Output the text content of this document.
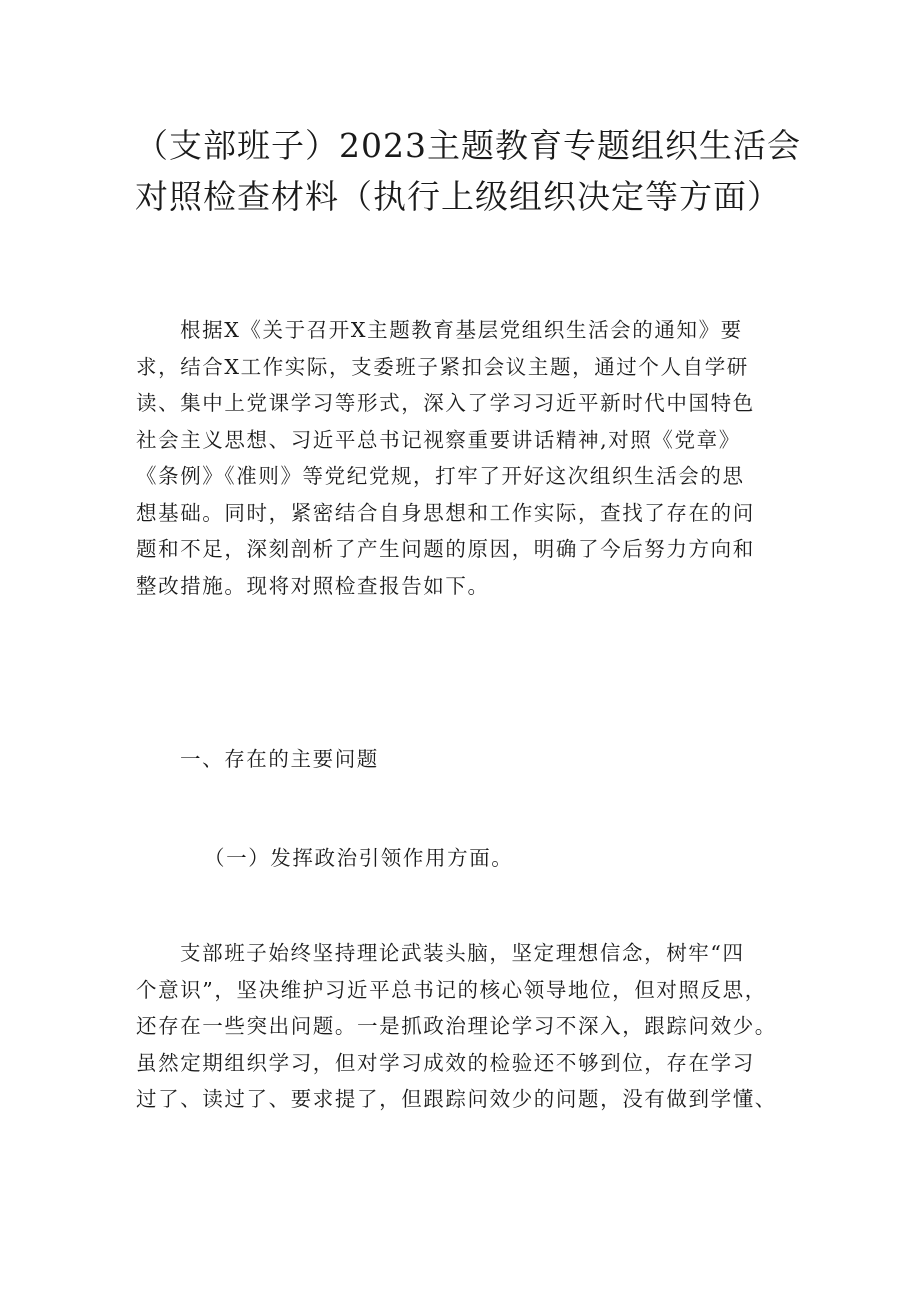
（支部班子）2023主题教育专题组织生活会
对照检查材料（执行上级组织决定等方面）
根据X《关于召开X主题教育基层党组织生活会的通知》要
求，结合X工作实际，支委班子紧扣会议主题，通过个人自学研
读、集中上党课学习等形式，深入了学习习近平新时代中国特色
社会主义思想、习近平总书记视察重要讲话精神,对照《党章》
《条例》《准则》等党纪党规，打牢了开好这次组织生活会的思
想基础。同时，紧密结合自身思想和工作实际，查找了存在的问
题和不足，深刻剖析了产生问题的原因，明确了今后努力方向和
整改措施。现将对照检查报告如下。
一、存在的主要问题
（一）发挥政治引领作用方面。
支部班子始终坚持理论武装头脑，坚定理想信念，树牢“四
个意识”，坚决维护习近平总书记的核心领导地位，但对照反思，
还存在一些突出问题。一是抓政治理论学习不深入，跟踪问效少。
虽然定期组织学习，但对学习成效的检验还不够到位，存在学习
过了、读过了、要求提了，但跟踪问效少的问题，没有做到学懂、
